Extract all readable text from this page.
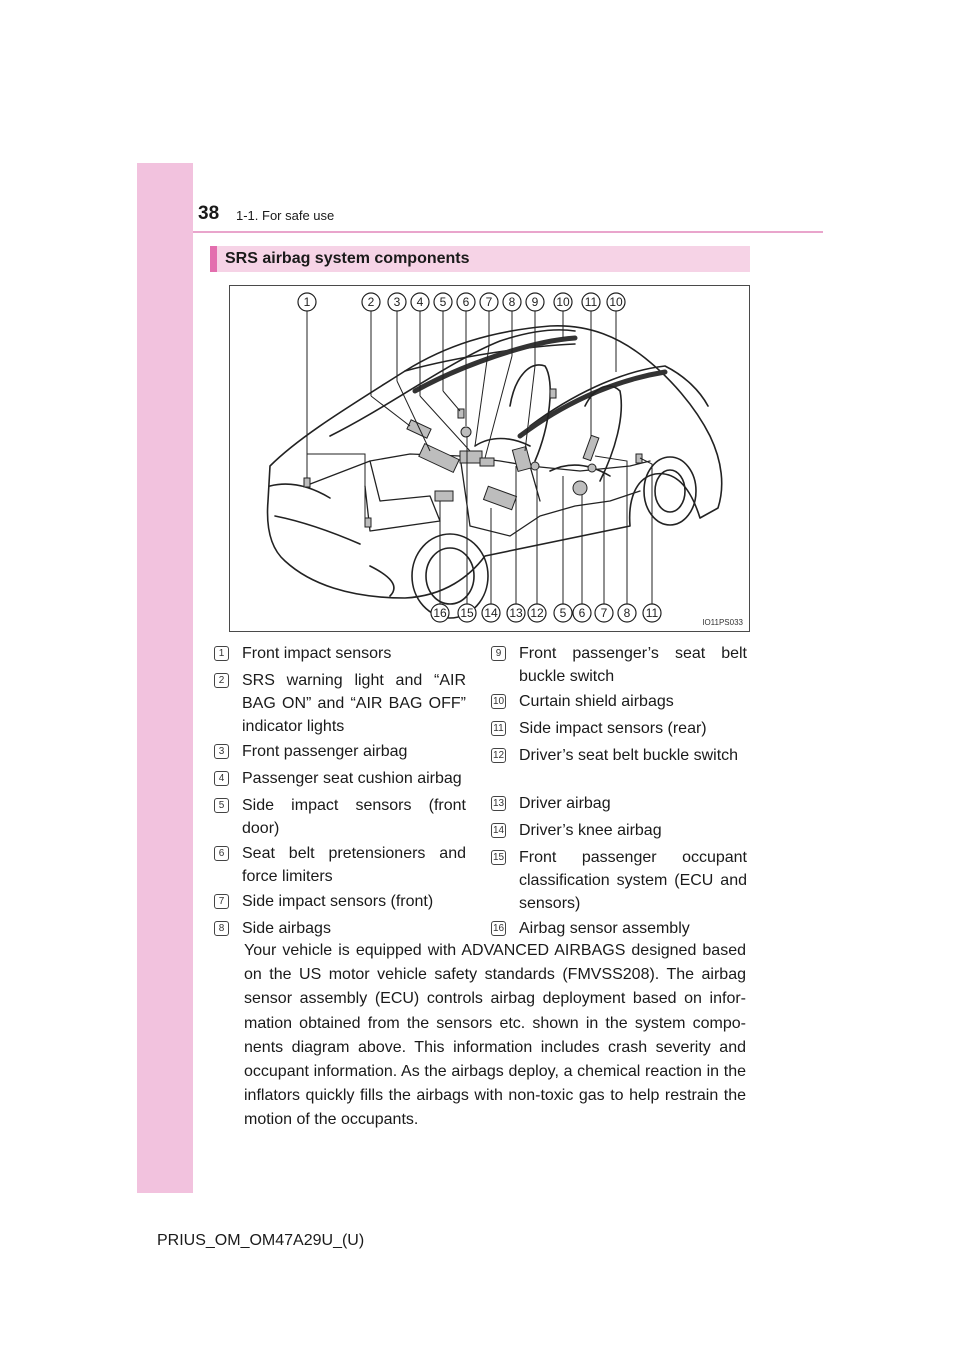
38 1-1. For safe use
SRS airbag system components
1	2 3 4 5 6 7 8 9 10 11 10
16 15 14 13 12 5 6 7 8 11
IO11PS033
1 Front impact sensors
2 SRS warning light and “AIR BAG ON” and “AIR BAG OFF” indicator lights
3 Front passenger airbag
4 Passenger seat cushion airbag
5 Side impact sensors (front door)
6 Seat belt pretensioners and force limiters
7 Side impact sensors (front)
8 Side airbags
9 Front passenger’s seat belt buckle switch
10 Curtain shield airbags
11 Side impact sensors (rear)
12 Driver’s seat belt buckle switch
13 Driver airbag
14 Driver’s knee airbag
15 Front passenger occupant classification system (ECU and sensors)
16 Airbag sensor assembly
Your vehicle is equipped with ADVANCED AIRBAGS designed based on the US motor vehicle safety standards (FMVSS208). The airbag sensor assembly (ECU) controls airbag deployment based on infor-mation obtained from the sensors etc. shown in the system compo-nents diagram above. This information includes crash severity and occupant information. As the airbags deploy, a chemical reaction in the inflators quickly fills the airbags with non-toxic gas to help restrain the motion of the occupants.
PRIUS_OM_OM47A29U_(U)
